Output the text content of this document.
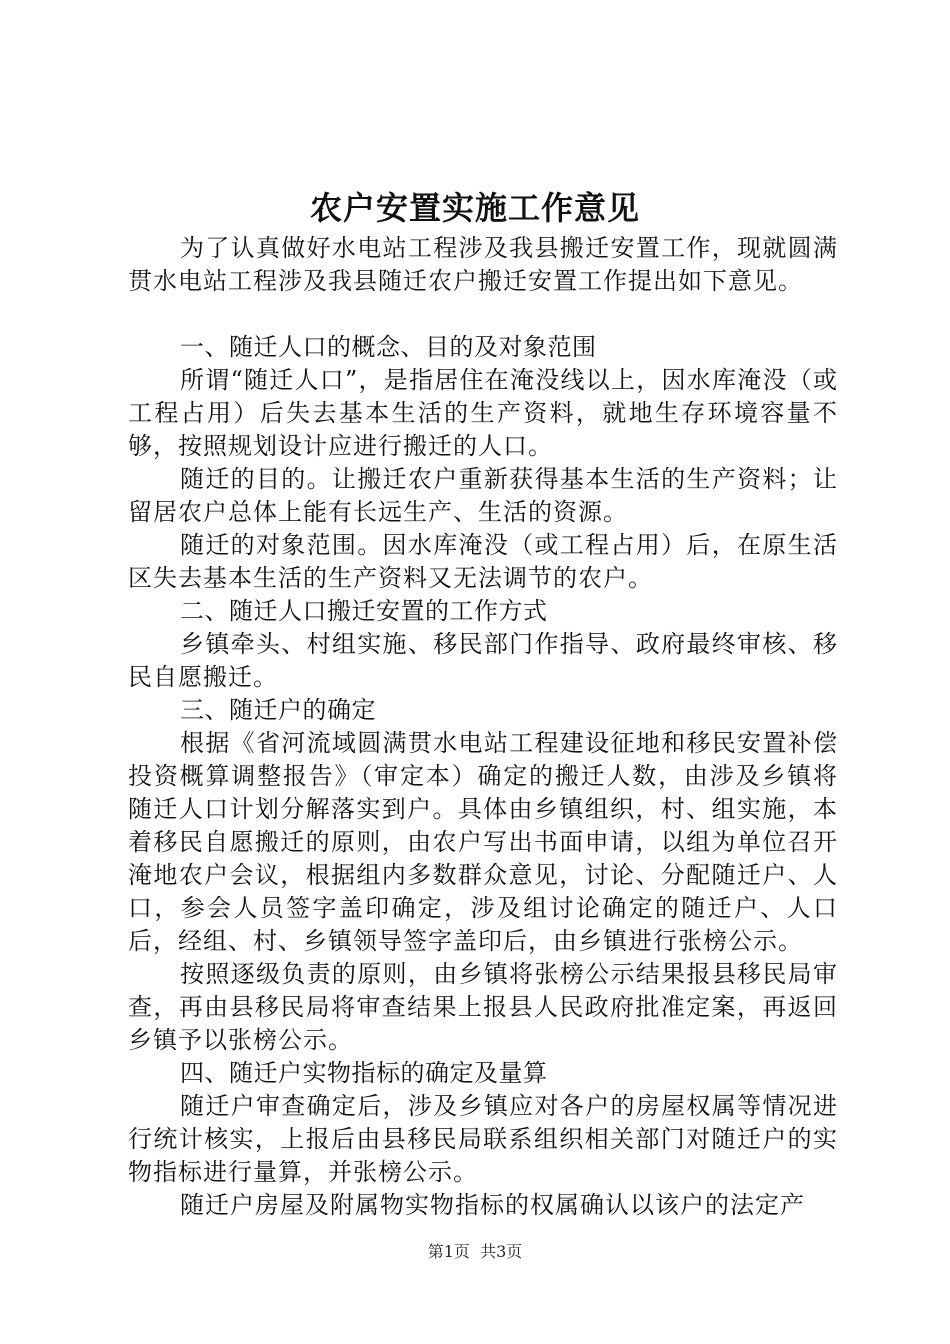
农户安置实施工作意见

为了认真做好水电站工程涉及我县搬迁安置工作，现就圆满贯水电站工程涉及我县随迁农户搬迁安置工作提出如下意见。

一、随迁人口的概念、目的及对象范围

所谓“随迁人口”，是指居住在淹没线以上，因水库淹没（或工程占用）后失去基本生活的生产资料，就地生存环境容量不够，按照规划设计应进行搬迁的人口。

随迁的目的。让搬迁农户重新获得基本生活的生产资料；让留居农户总体上能有长远生产、生活的资源。

随迁的对象范围。因水库淹没（或工程占用）后，在原生活区失去基本生活的生产资料又无法调节的农户。

二、随迁人口搬迁安置的工作方式

乡镇牵头、村组实施、移民部门作指导、政府最终审核、移民自愿搬迁。

三、随迁户的确定

根据《省河流域圆满贯水电站工程建设征地和移民安置补偿投资概算调整报告》（审定本）确定的搬迁人数，由涉及乡镇将随迁人口计划分解落实到户。具体由乡镇组织，村、组实施，本着移民自愿搬迁的原则，由农户写出书面申请，以组为单位召开淹地农户会议，根据组内多数群众意见，讨论、分配随迁户、人口，参会人员签字盖印确定，涉及组讨论确定的随迁户、人口后，经组、村、乡镇领导签字盖印后，由乡镇进行张榜公示。

按照逐级负责的原则，由乡镇将张榜公示结果报县移民局审查，再由县移民局将审查结果上报县人民政府批准定案，再返回乡镇予以张榜公示。

四、随迁户实物指标的确定及量算

随迁户审查确定后，涉及乡镇应对各户的房屋权属等情况进行统计核实，上报后由县移民局联系组织相关部门对随迁户的实物指标进行量算，并张榜公示。

随迁户房屋及附属物实物指标的权属确认以该户的法定产

第1页  共3页
